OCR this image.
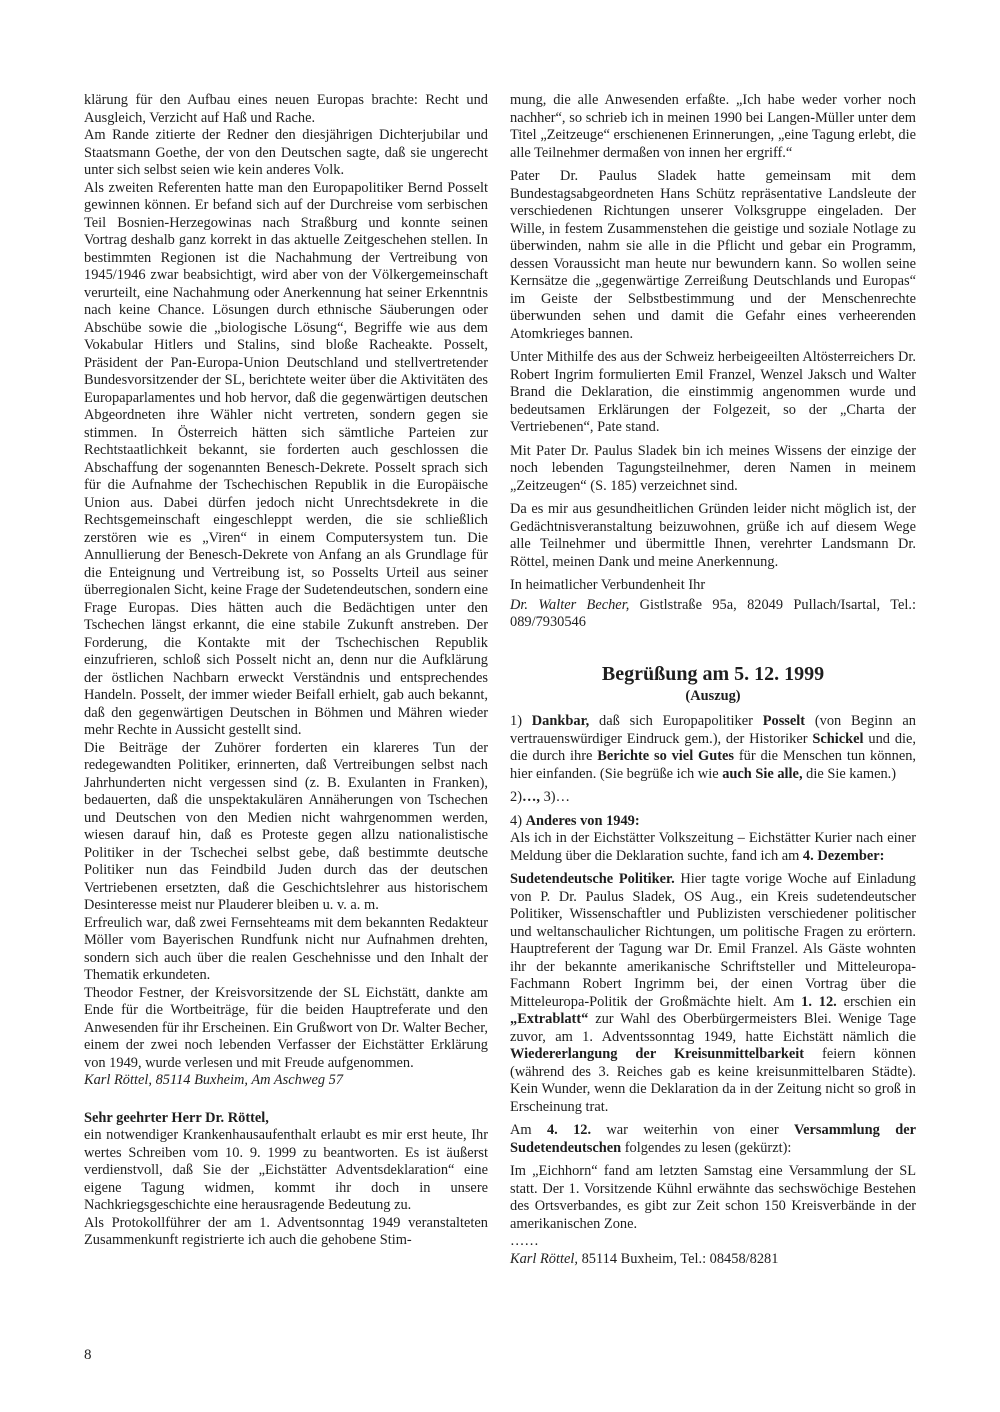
klärung für den Aufbau eines neuen Europas brachte: Recht und Ausgleich, Verzicht auf Haß und Rache.

Am Rande zitierte der Redner den diesjährigen Dichterjubilar und Staatsmann Goethe, der von den Deutschen sagte, daß sie ungerecht unter sich selbst seien wie kein anderes Volk.

Als zweiten Referenten hatte man den Europapolitiker Bernd Posselt gewinnen können. Er befand sich auf der Durchreise vom serbischen Teil Bosnien-Herzegowinas nach Straßburg und konnte seinen Vortrag deshalb ganz korrekt in das aktuelle Zeitgeschehen stellen. In bestimmten Regionen ist die Nachahmung der Vertreibung von 1945/1946 zwar beabsichtigt, wird aber von der Völkergemeinschaft verurteilt, eine Nachahmung oder Anerkennung hat seiner Erkenntnis nach keine Chance. Lösungen durch ethnische Säuberungen oder Abschübe sowie die „biologische Lösung“, Begriffe wie aus dem Vokabular Hitlers und Stalins, sind bloße Racheakte. Posselt, Präsident der Pan-Europa-Union Deutschland und stellvertretender Bundesvorsitzender der SL, berichtete weiter über die Aktivitäten des Europaparlamentes und hob hervor, daß die gegenwärtigen deutschen Abgeordneten ihre Wähler nicht vertreten, sondern gegen sie stimmen. In Österreich hätten sich sämtliche Parteien zur Rechtstaatlichkeit bekannt, sie forderten auch geschlossen die Abschaffung der sogenannten Benesch-Dekrete. Posselt sprach sich für die Aufnahme der Tschechischen Republik in die Europäische Union aus. Dabei dürfen jedoch nicht Unrechtsdekrete in die Rechtsgemeinschaft eingeschleppt werden, die sie schließlich zerstören wie es „Viren“ in einem Computersystem tun. Die Annullierung der Benesch-Dekrete von Anfang an als Grundlage für die Enteignung und Vertreibung ist, so Posselts Urteil aus seiner überregionalen Sicht, keine Frage der Sudetendeutschen, sondern eine Frage Europas. Dies hätten auch die Bedächtigen unter den Tschechen längst erkannt, die eine stabile Zukunft anstreben. Der Forderung, die Kontakte mit der Tschechischen Republik einzufrieren, schloß sich Posselt nicht an, denn nur die Aufklärung der östlichen Nachbarn erweckt Verständnis und entsprechendes Handeln. Posselt, der immer wieder Beifall erhielt, gab auch bekannt, daß den gegenwärtigen Deutschen in Böhmen und Mähren wieder mehr Rechte in Aussicht gestellt sind.

Die Beiträge der Zuhörer forderten ein klareres Tun der redegewandten Politiker, erinnerten, daß Vertreibungen selbst nach Jahrhunderten nicht vergessen sind (z. B. Exulanten in Franken), bedauerten, daß die unspektakulären Annäherungen von Tschechen und Deutschen von den Medien nicht wahrgenommen werden, wiesen darauf hin, daß es Proteste gegen allzu nationalistische Politiker in der Tschechei selbst gebe, daß bestimmte deutsche Politiker nun das Feindbild Juden durch das der deutschen Vertriebenen ersetzten, daß die Geschichtslehrer aus historischem Desinteresse meist nur Plauderer bleiben u. v. a. m.

Erfreulich war, daß zwei Fernsehteams mit dem bekannten Redakteur Möller vom Bayerischen Rundfunk nicht nur Aufnahmen drehten, sondern sich auch über die realen Geschehnisse und den Inhalt der Thematik erkundeten.

Theodor Festner, der Kreisvorsitzende der SL Eichstätt, dankte am Ende für die Wortbeiträge, für die beiden Hauptreferate und den Anwesenden für ihr Erscheinen. Ein Grußwort von Dr. Walter Becher, einem der zwei noch lebenden Verfasser der Eichstätter Erklärung von 1949, wurde verlesen und mit Freude aufgenommen.

Karl Röttel, 85114 Buxheim, Am Aschweg 57

Sehr geehrter Herr Dr. Röttel,

ein notwendiger Krankenhausaufenthalt erlaubt es mir erst heute, Ihr wertes Schreiben vom 10. 9. 1999 zu beantworten. Es ist äußerst verdienstvoll, daß Sie der „Eichstätter Adventsdeklaration“ eine eigene Tagung widmen, kommt ihr doch in unsere Nachkriegsgeschichte eine herausragende Bedeutung zu.

Als Protokollführer der am 1. Adventsonntag 1949 veranstalteten Zusammenkunft registrierte ich auch die gehobene Stim-

mung, die alle Anwesenden erfaßte. „Ich habe weder vorher noch nachher“, so schrieb ich in meinen 1990 bei Langen-Müller unter dem Titel „Zeitzeuge“ erschienenen Erinnerungen, „eine Tagung erlebt, die alle Teilnehmer dermaßen von innen her ergriff.“

Pater Dr. Paulus Sladek hatte gemeinsam mit dem Bundestagsabgeordneten Hans Schütz repräsentative Landsleute der verschiedenen Richtungen unserer Volksgruppe eingeladen. Der Wille, in festem Zusammenstehen die geistige und soziale Notlage zu überwinden, nahm sie alle in die Pflicht und gebar ein Programm, dessen Voraussicht man heute nur bewundern kann. So wollen seine Kernsätze die „gegenwärtige Zerreißung Deutschlands und Europas“ im Geiste der Selbstbestimmung und der Menschenrechte überwunden sehen und damit die Gefahr eines verheerenden Atomkrieges bannen.

Unter Mithilfe des aus der Schweiz herbeigeeilten Altösterreichers Dr. Robert Ingrim formulierten Emil Franzel, Wenzel Jaksch und Walter Brand die Deklaration, die einstimmig angenommen wurde und bedeutsamen Erklärungen der Folgezeit, so der „Charta der Vertriebenen“, Pate stand.

Mit Pater Dr. Paulus Sladek bin ich meines Wissens der einzige der noch lebenden Tagungsteilnehmer, deren Namen in meinem „Zeitzeugen“ (S. 185) verzeichnet sind.

Da es mir aus gesundheitlichen Gründen leider nicht möglich ist, der Gedächtnisveranstaltung beizuwohnen, grüße ich auf diesem Wege alle Teilnehmer und übermittle Ihnen, verehrter Landsmann Dr. Röttel, meinen Dank und meine Anerkennung.

In heimatlicher Verbundenheit Ihr

Dr. Walter Becher, Gistlstraße 95a, 82049 Pullach/Isartal, Tel.: 089/7930546

Begrüßung am 5. 12. 1999
(Auszug)

1) Dankbar, daß sich Europapolitiker Posselt (von Beginn an vertrauenswürdiger Eindruck gem.), der Historiker Schickel und die, die durch ihre Berichte so viel Gutes für die Menschen tun können, hier einfanden. (Sie begrüße ich wie auch Sie alle, die Sie kamen.)

2)…, 3)…

4) Anderes von 1949:
Als ich in der Eichstätter Volkszeitung – Eichstätter Kurier nach einer Meldung über die Deklaration suchte, fand ich am 4. Dezember:

Sudetendeutsche Politiker. Hier tagte vorige Woche auf Einladung von P. Dr. Paulus Sladek, OS Aug., ein Kreis sudetendeutscher Politiker, Wissenschaftler und Publizisten verschiedener politischer und weltanschaulicher Richtungen, um politische Fragen zu erörtern. Hauptreferent der Tagung war Dr. Emil Franzel. Als Gäste wohnten ihr der bekannte amerikanische Schriftsteller und Mitteleuropa-Fachmann Robert Ingrimm bei, der einen Vortrag über die Mitteleuropa-Politik der Großmächte hielt. Am 1. 12. erschien ein „Extrablatt“ zur Wahl des Oberbürgermeisters Blei. Wenige Tage zuvor, am 1. Adventssonntag 1949, hatte Eichstätt nämlich die Wiedererlangung der Kreisunmittelbarkeit feiern können (während des 3. Reiches gab es keine kreisunmittelbaren Städte). Kein Wunder, wenn die Deklaration da in der Zeitung nicht so groß in Erscheinung trat.

Am 4. 12. war weiterhin von einer Versammlung der Sudetendeutschen folgendes zu lesen (gekürzt):

Im „Eichhorn“ fand am letzten Samstag eine Versammlung der SL statt. Der 1. Vorsitzende Kühnl erwähnte das sechswöchige Bestehen des Ortsverbandes, es gibt zur Zeit schon 150 Kreisverbände in der amerikanischen Zone.

……

Karl Röttel, 85114 Buxheim, Tel.: 08458/8281

8
